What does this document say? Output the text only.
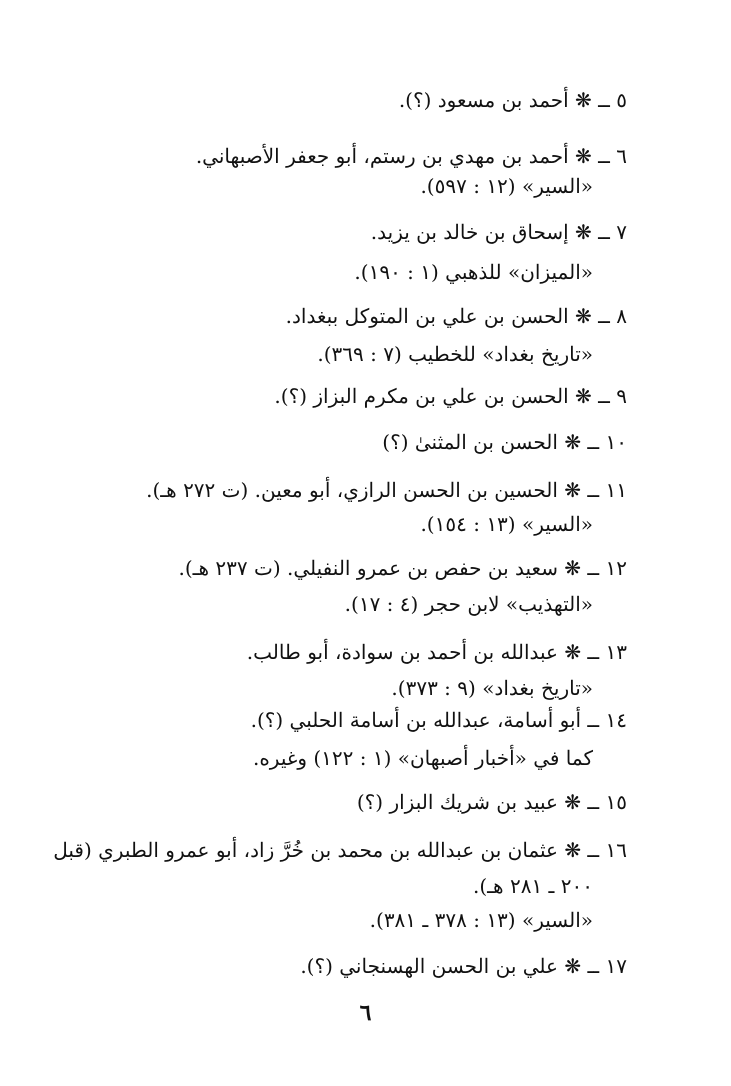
٥ ــ ❋ أحمد بن مسعود (؟).
٦ ــ ❋ أحمد بن مهدي بن رستم، أبو جعفر الأصبهاني.
«السير» (١٢ : ٥٩٧).
٧ ــ ❋ إسحاق بن خالد بن يزيد.
«الميزان» للذهبي (١ : ١٩٠).
٨ ــ ❋ الحسن بن علي بن المتوكل ببغداد.
«تاريخ بغداد» للخطيب (٧ : ٣٦٩).
٩ ــ ❋ الحسن بن علي بن مكرم البزاز (؟).
١٠ ــ ❋ الحسن بن المثنىٰ (؟)
١١ ــ ❋ الحسين بن الحسن الرازي، أبو معين. (ت ٢٧٢ هـ).
«السير» (١٣ : ١٥٤).
١٢ ــ ❋ سعيد بن حفص بن عمرو النفيلي. (ت ٢٣٧ هـ).
«التهذيب» لابن حجر (٤ : ١٧).
١٣ ــ ❋ عبدالله بن أحمد بن سوادة، أبو طالب.
«تاريخ بغداد» (٩ : ٣٧٣).
١٤ ــ أبو أسامة، عبدالله بن أسامة الحلبي (؟).
كما في «أخبار أصبهان» (١ : ١٢٢) وغيره.
١٥ ــ ❋ عبيد بن شريك البزار (؟)
١٦ ــ ❋ عثمان بن عبدالله بن محمد بن خُرَّ زاد، أبو عمرو الطبري (قبل
٢٠٠ ـ ٢٨١ هـ).
«السير» (١٣ : ٣٧٨ ـ ٣٨١).
١٧ ــ ❋ علي بن الحسن الهسنجاني (؟).
٦
